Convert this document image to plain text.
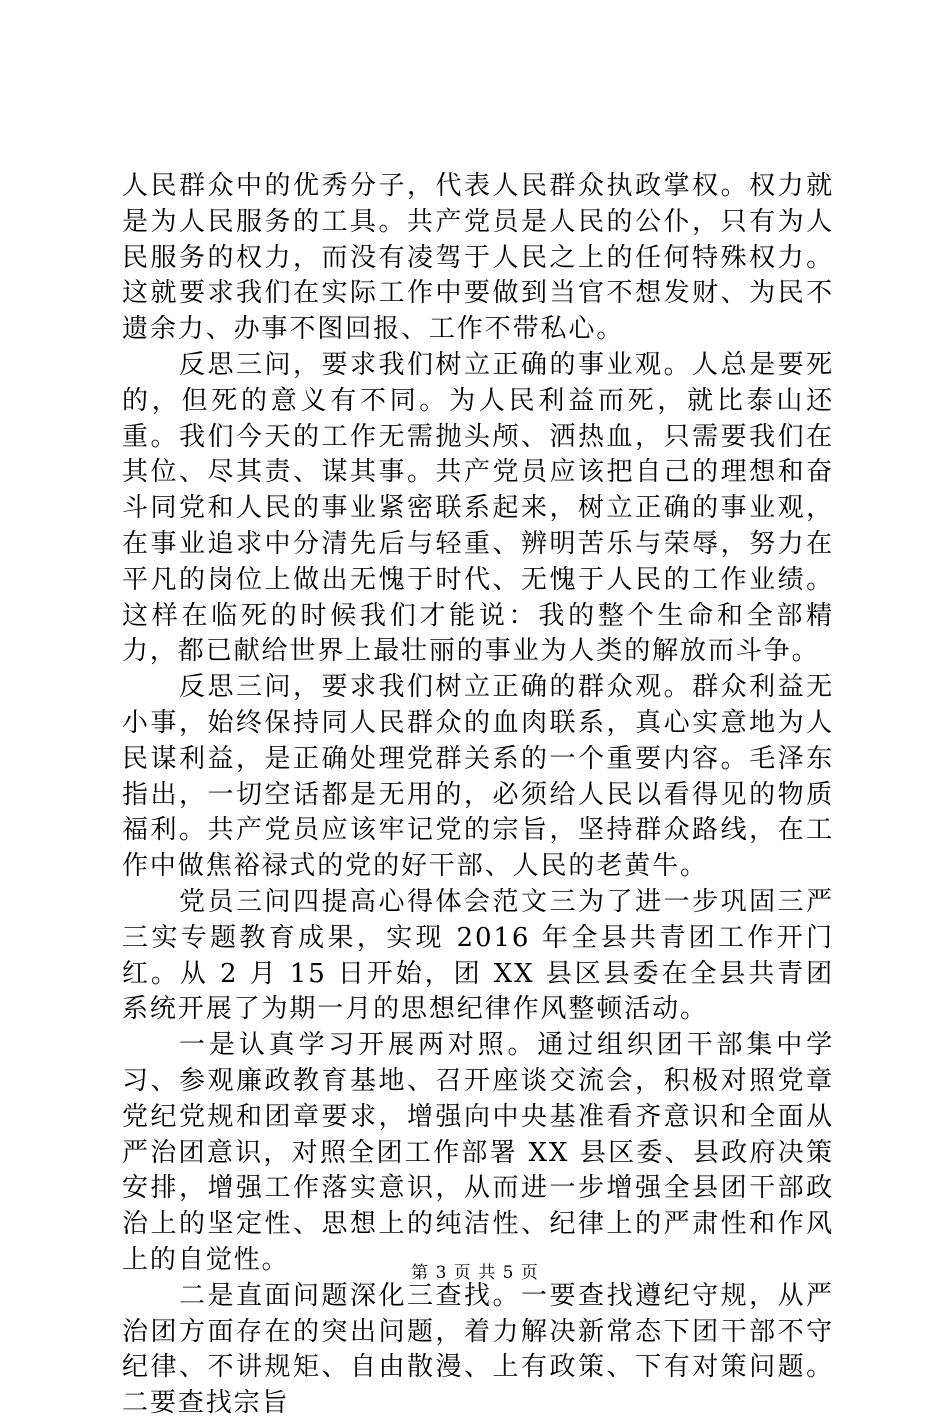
人民群众中的优秀分子，代表人民群众执政掌权。权力就是为人民服务的工具。共产党员是人民的公仆，只有为人民服务的权力，而没有凌驾于人民之上的任何特殊权力。这就要求我们在实际工作中要做到当官不想发财、为民不遗余力、办事不图回报、工作不带私心。

反思三问，要求我们树立正确的事业观。人总是要死的，但死的意义有不同。为人民利益而死，就比泰山还重。我们今天的工作无需抛头颅、洒热血，只需要我们在其位、尽其责、谋其事。共产党员应该把自己的理想和奋斗同党和人民的事业紧密联系起来，树立正确的事业观，在事业追求中分清先后与轻重、辨明苦乐与荣辱，努力在平凡的岗位上做出无愧于时代、无愧于人民的工作业绩。这样在临死的时候我们才能说：我的整个生命和全部精力，都已献给世界上最壮丽的事业为人类的解放而斗争。

反思三问，要求我们树立正确的群众观。群众利益无小事，始终保持同人民群众的血肉联系，真心实意地为人民谋利益，是正确处理党群关系的一个重要内容。毛泽东指出，一切空话都是无用的，必须给人民以看得见的物质福利。共产党员应该牢记党的宗旨，坚持群众路线，在工作中做焦裕禄式的党的好干部、人民的老黄牛。

党员三问四提高心得体会范文三为了进一步巩固三严三实专题教育成果，实现 2016 年全县共青团工作开门红。从 2 月 15 日开始，团 XX 县区县委在全县共青团系统开展了为期一月的思想纪律作风整顿活动。

一是认真学习开展两对照。通过组织团干部集中学习、参观廉政教育基地、召开座谈交流会，积极对照党章党纪党规和团章要求，增强向中央基准看齐意识和全面从严治团意识，对照全团工作部署 XX 县区委、县政府决策安排，增强工作落实意识，从而进一步增强全县团干部政治上的坚定性、思想上的纯洁性、纪律上的严肃性和作风上的自觉性。

二是直面问题深化三查找。一要查找遵纪守规，从严治团方面存在的突出问题，着力解决新常态下团干部不守纪律、不讲规矩、自由散漫、上有政策、下有对策问题。二要查找宗旨

第 3 页 共 5 页
